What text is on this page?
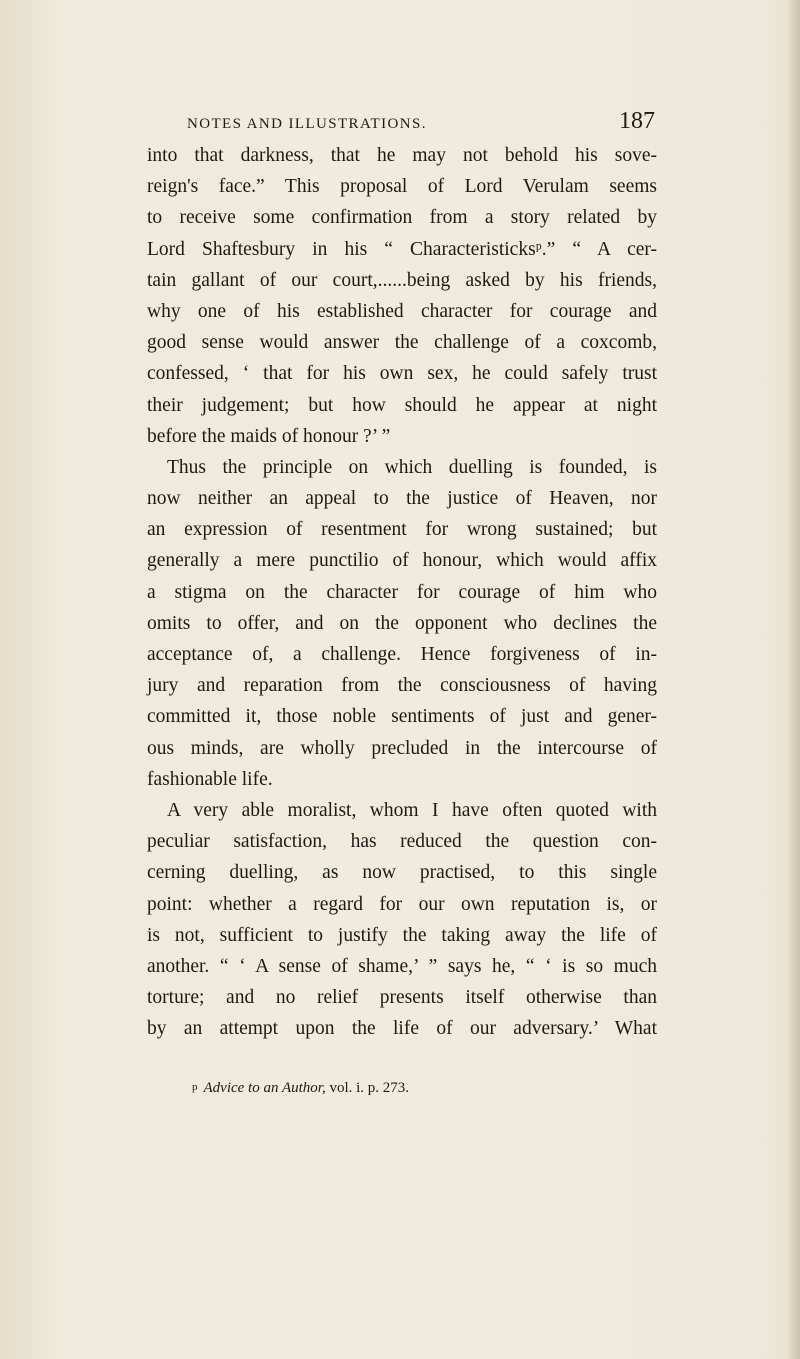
NOTES AND ILLUSTRATIONS.	187
into that darkness, that he may not behold his sove-
reign's face.” This proposal of Lord Verulam seems
to receive some confirmation from a story related by
Lord Shaftesbury in his “ Characteristicksᵖ.” “ A cer-
tain gallant of our court,......being asked by his friends,
why one of his established character for courage and
good sense would answer the challenge of a coxcomb,
confessed, ‘ that for his own sex, he could safely trust
their judgement; but how should he appear at night
before the maids of honour ?’ ”
Thus the principle on which duelling is founded, is
now neither an appeal to the justice of Heaven, nor
an expression of resentment for wrong sustained; but
generally a mere punctilio of honour, which would affix
a stigma on the character for courage of him who
omits to offer, and on the opponent who declines the
acceptance of, a challenge. Hence forgiveness of in-
jury and reparation from the consciousness of having
committed it, those noble sentiments of just and gener-
ous minds, are wholly precluded in the intercourse of
fashionable life.
A very able moralist, whom I have often quoted with
peculiar satisfaction, has reduced the question con-
cerning duelling, as now practised, to this single
point: whether a regard for our own reputation is, or
is not, sufficient to justify the taking away the life of
another. “ ‘ A sense of shame,’ ” says he, “ ‘ is so much
torture; and no relief presents itself otherwise than
by an attempt upon the life of our adversary.’ What
p Advice to an Author, vol. i. p. 273.
